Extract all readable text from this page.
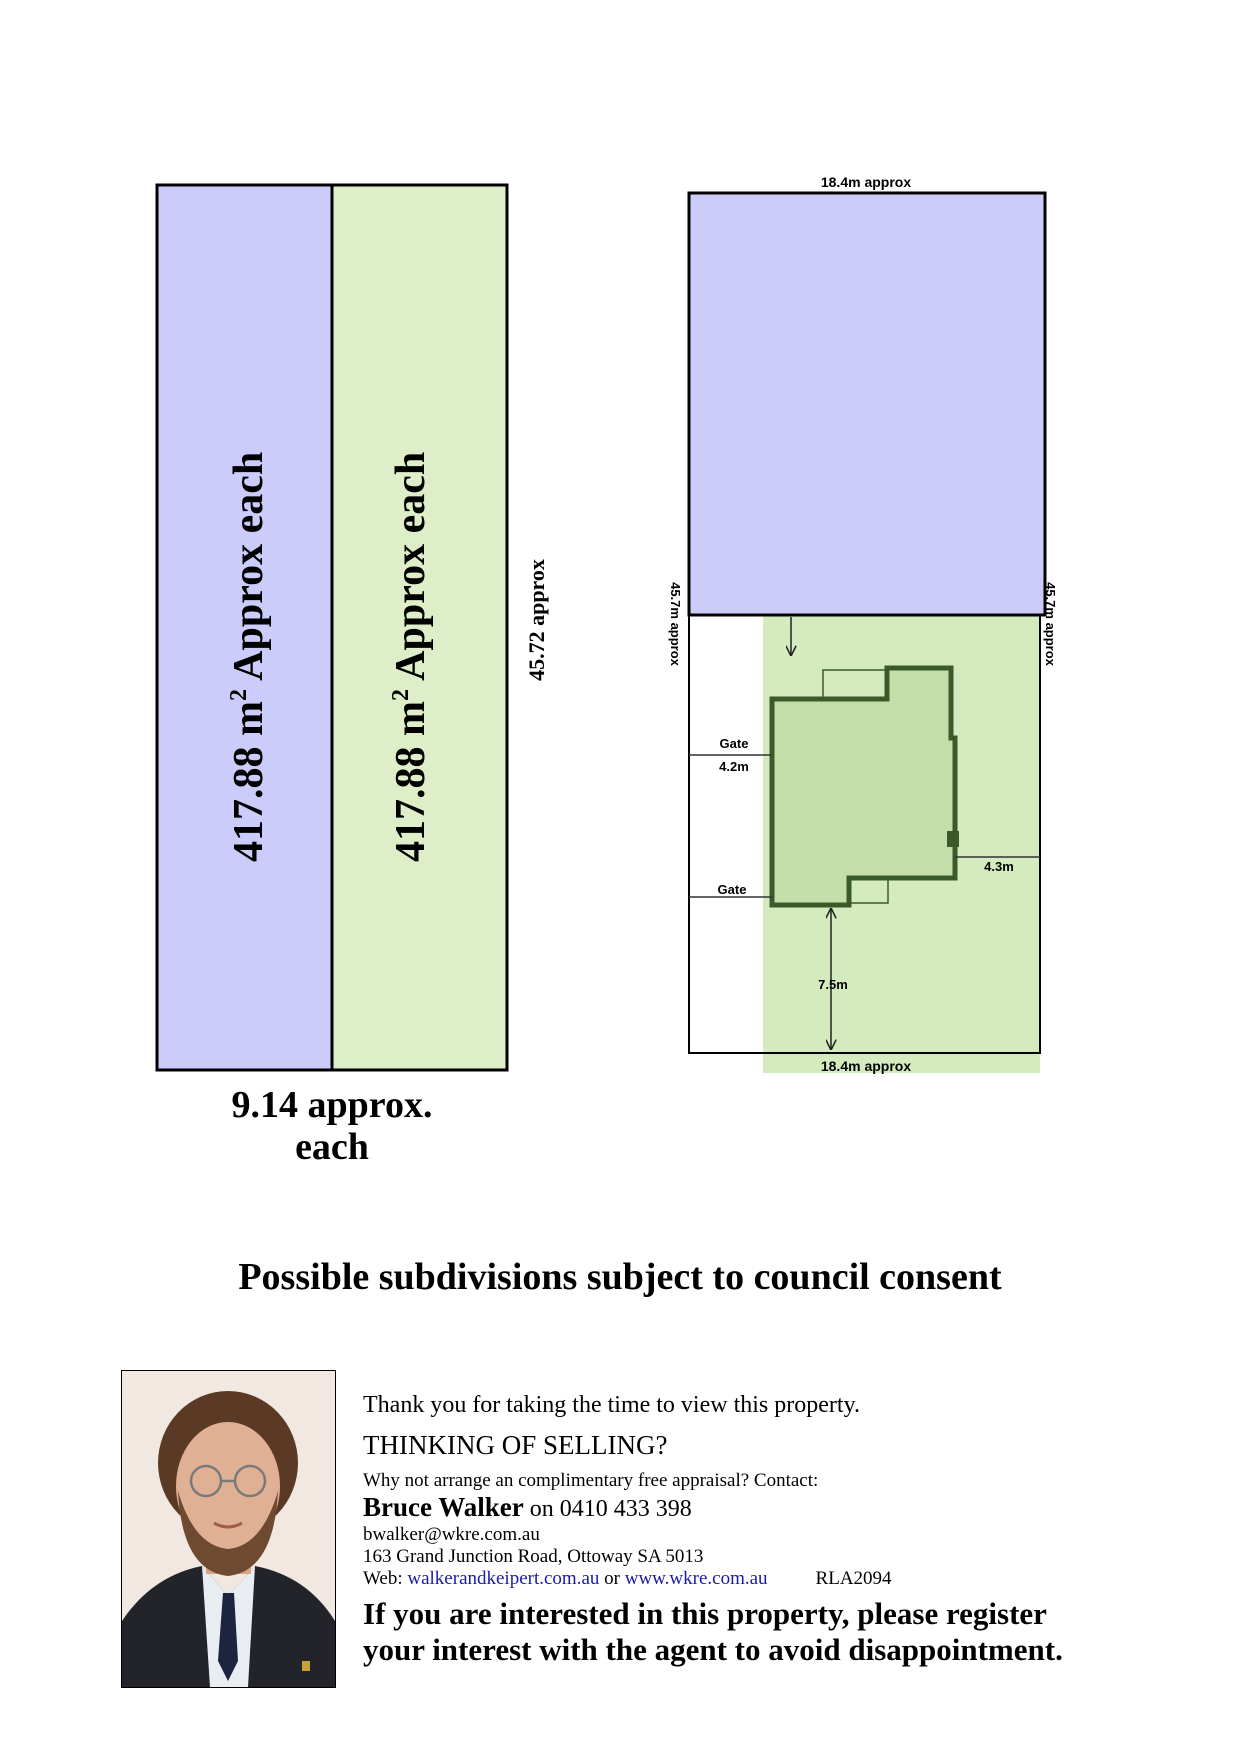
417.88 $m^2$ Approx each
417.88 $m^2$ Approx each	45.72 approx
9.14 approx.
each
18.4m approx
18.4m approx
45.7m approx	45.7m approx
Gate
4.2m
Gate
4.3m
7.5m
Possible subdivisions subject to council consent
Thank you for taking the time to view this property.
THINKING OF SELLING?
Why not arrange an complimentary free appraisal? Contact:
Bruce Walker on 0410 433 398
bwalker@wkre.com.au
163 Grand Junction Road, Ottoway SA 5013
Web: walkerandkeipert.com.au or www.wkre.com.au	RLA2094
If you are interested in this property, please register
your interest with the agent to avoid disappointment.
